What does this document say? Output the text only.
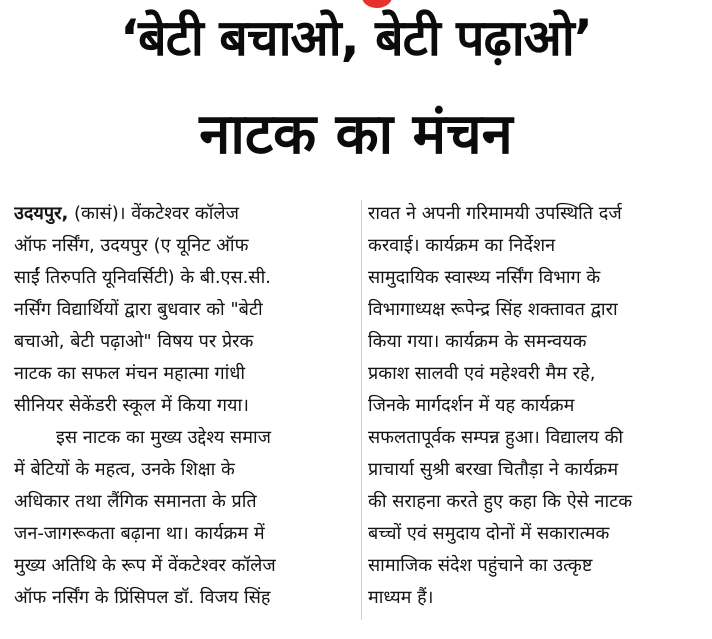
‘बेटी बचाओ, बेटी पढ़ाओ’
नाटक का मंचन
उदयपुर, (कासं)। वेंकटेश्वर कॉलेज
ऑफ नर्सिंग, उदयपुर (ए यूनिट ऑफ
साईं तिरुपति यूनिवर्सिटी) के बी.एस.सी.
नर्सिंग विद्यार्थियों द्वारा बुधवार को "बेटी
बचाओ, बेटी पढ़ाओ" विषय पर प्रेरक
नाटक का सफल मंचन महात्मा गांधी
सीनियर सेकेंडरी स्कूल में किया गया।
इस नाटक का मुख्य उद्देश्य समाज
में बेटियों के महत्व, उनके शिक्षा के
अधिकार तथा लैंगिक समानता के प्रति
जन-जागरूकता बढ़ाना था। कार्यक्रम में
मुख्य अतिथि के रूप में वेंकटेश्वर कॉलेज
ऑफ नर्सिंग के प्रिंसिपल डॉ. विजय सिंह
रावत ने अपनी गरिमामयी उपस्थिति दर्ज
करवाई। कार्यक्रम का निर्देशन
सामुदायिक स्वास्थ्य नर्सिंग विभाग के
विभागाध्यक्ष रूपेन्द्र सिंह शक्तावत द्वारा
किया गया। कार्यक्रम के समन्वयक
प्रकाश सालवी एवं महेश्वरी मैम रहे,
जिनके मार्गदर्शन में यह कार्यक्रम
सफलतापूर्वक सम्पन्न हुआ। विद्यालय की
प्राचार्या सुश्री बरखा चितौड़ा ने कार्यक्रम
की सराहना करते हुए कहा कि ऐसे नाटक
बच्चों एवं समुदाय दोनों में सकारात्मक
सामाजिक संदेश पहुंचाने का उत्कृष्ट
माध्यम हैं।
